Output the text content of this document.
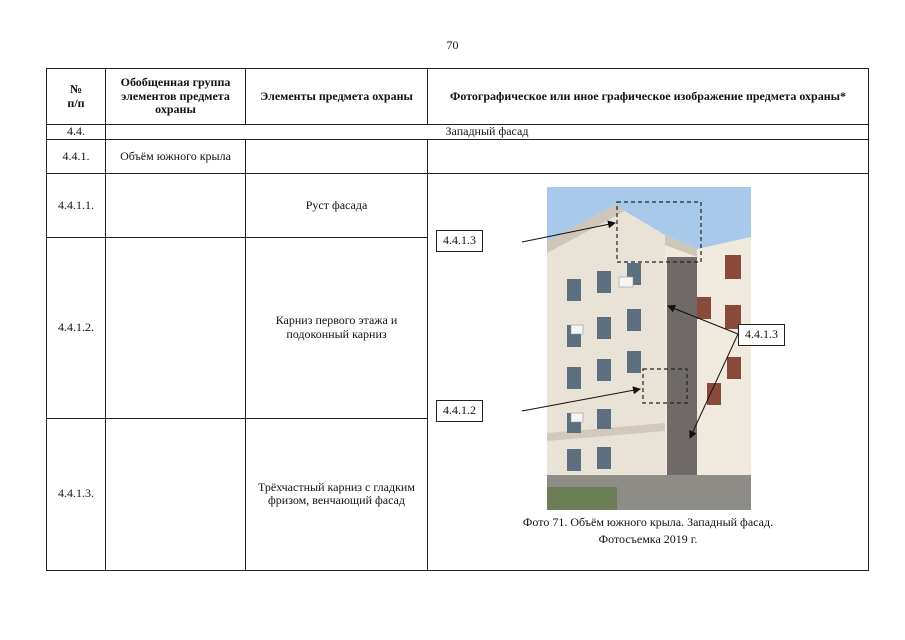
70
№
п/п	Обобщенная группа элементов предмета охраны	Элементы предмета охраны	Фотографическое или иное графическое изображение предмета охраны*
4.4.	Западный фасад		
4.4.1.	Объём южного крыла		
4.4.1.1.		Руст фасада	4.4.1.3
4.4.1.3
4.4.1.2
Фото 71. Объём южного крыла. Западный фасад.
Фотосъемка 2019 г.

4.4.1.2.		Карниз первого этажа и подоконный карниз	
4.4.1.3.		Трёхчастный карниз с гладким фризом, венчающий фасад	
